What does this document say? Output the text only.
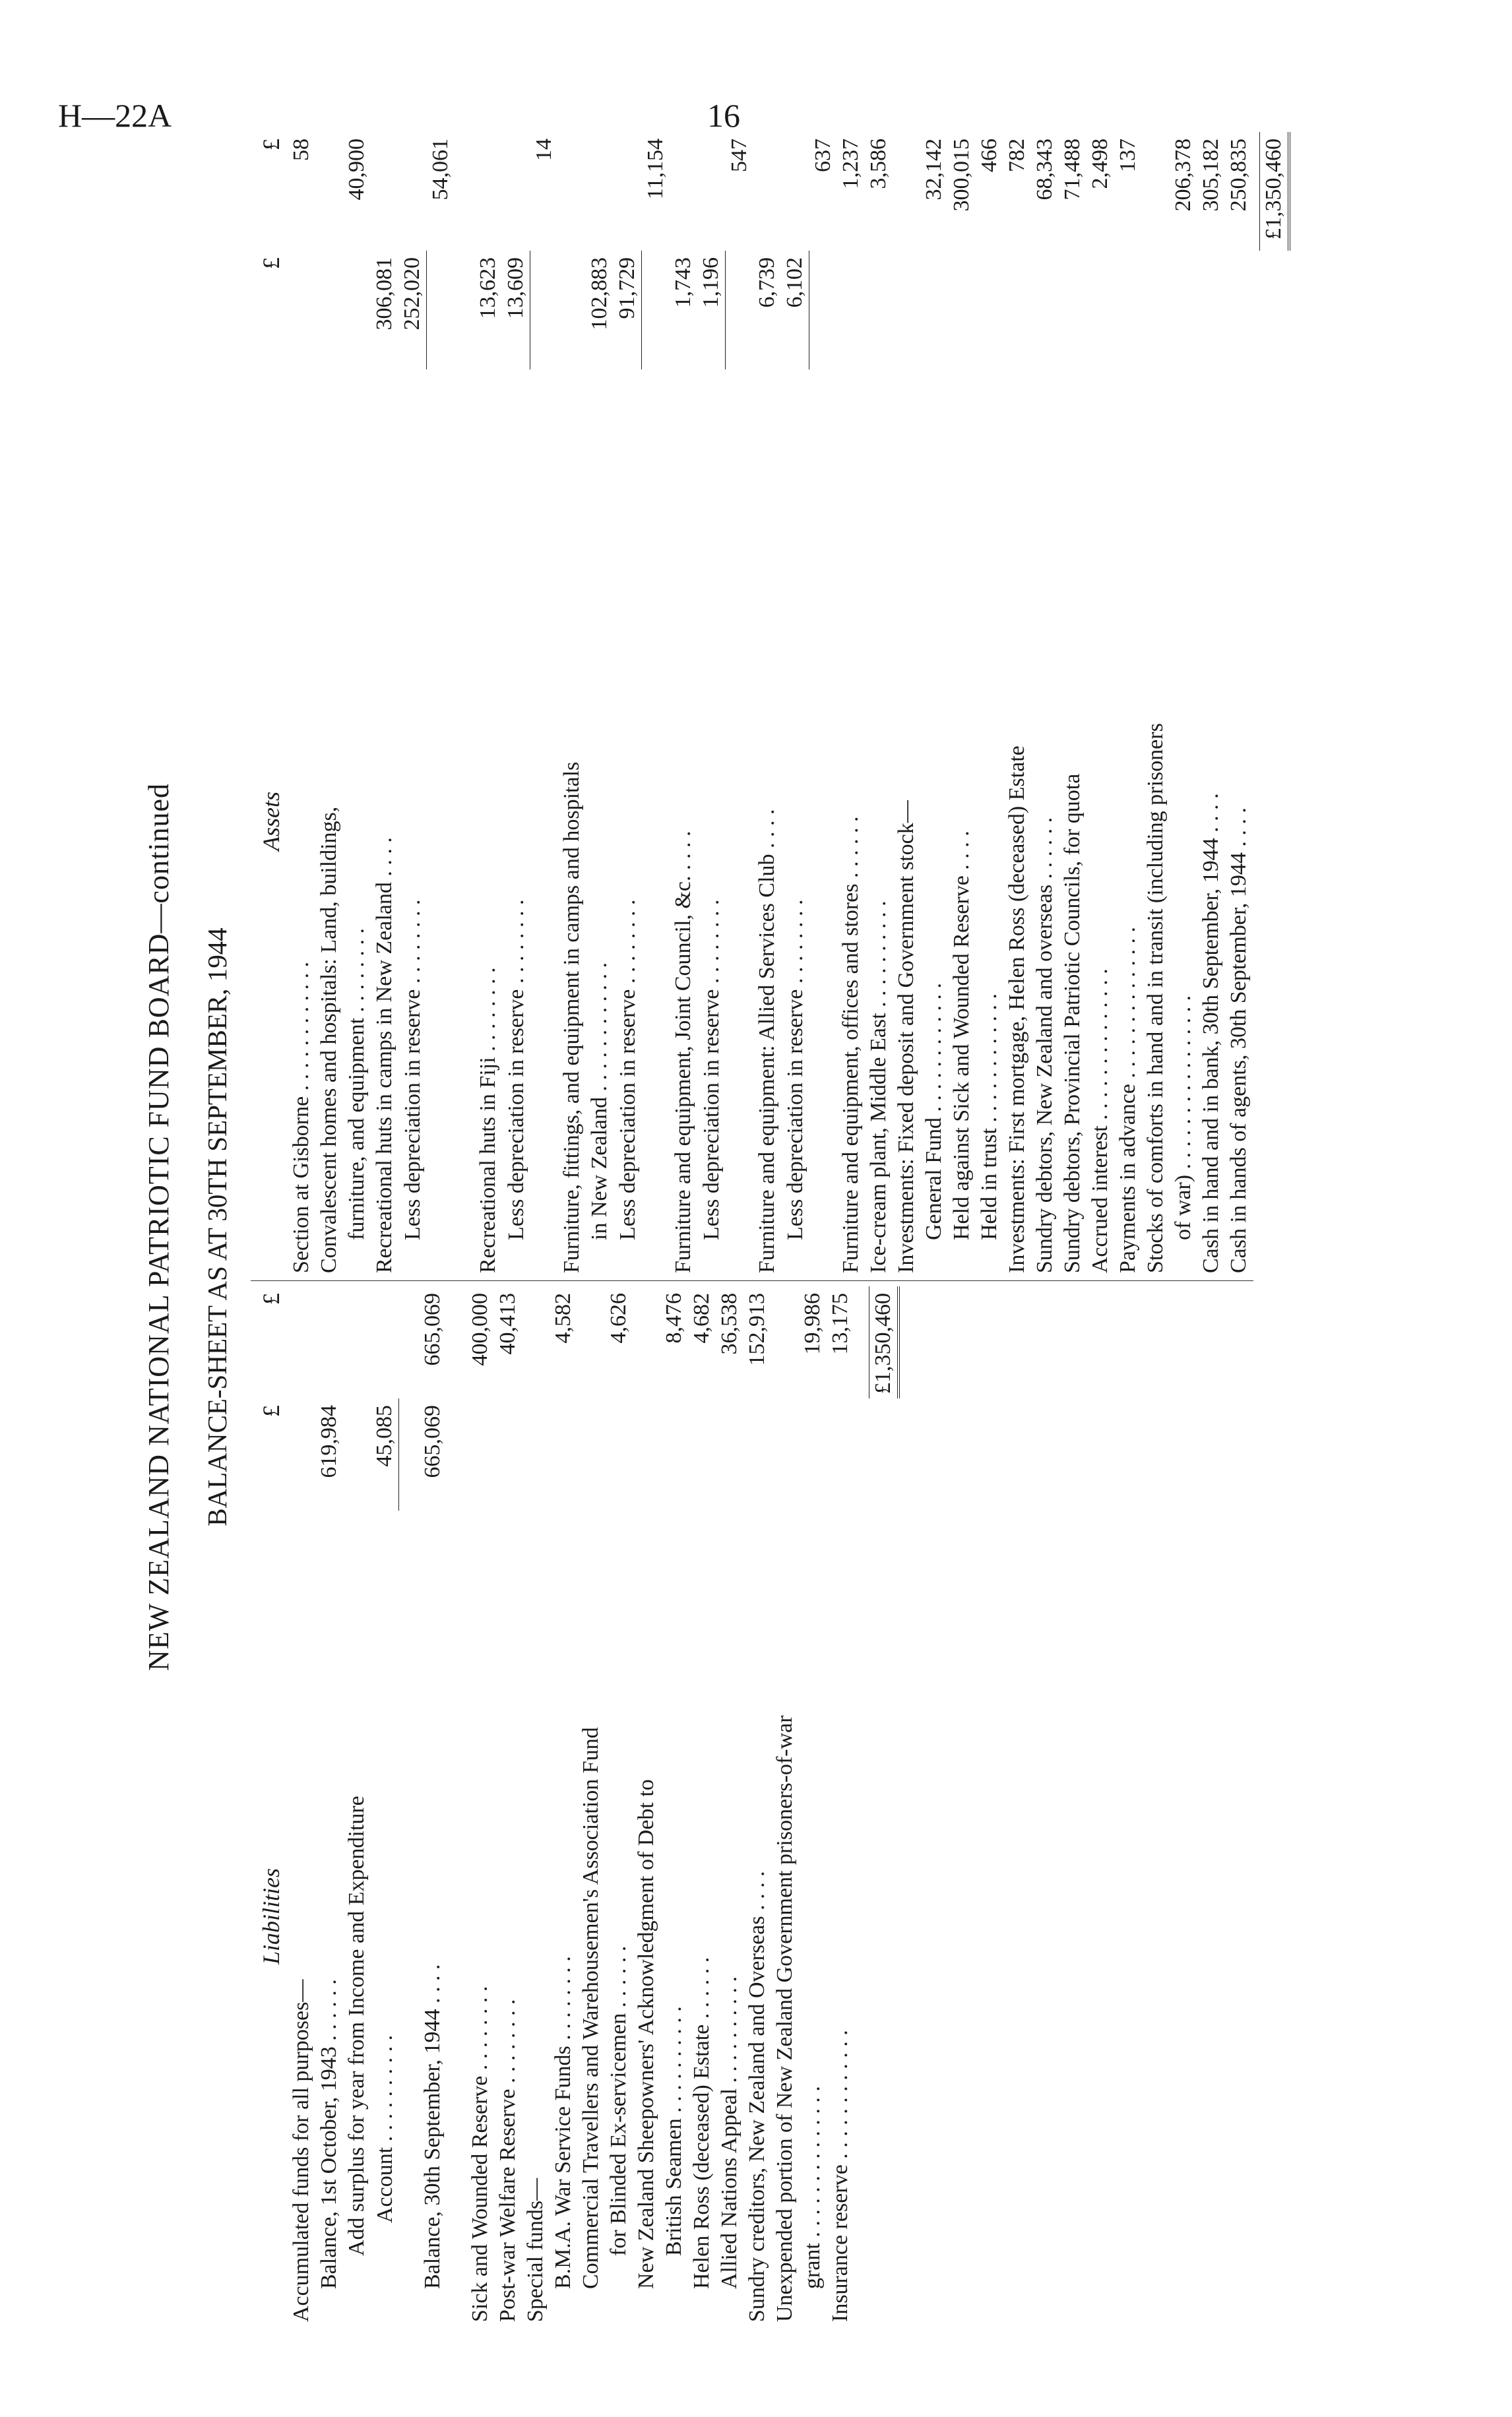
H—22A	16
NEW ZEALAND NATIONAL PATRIOTIC FUND BOARD—continued BALANCE-SHEET AS AT 30TH SEPTEMBER, 1944
Liabilities
£
£
Accumulated funds for all purposes— Balance, 1st October, 1943 . . . . . .
619,984
Add surplus for year from Income and Expenditure Account . . . . . . . . . .
45,085
Balance, 30th September, 1944 . . . .
665,069
665,069
Sick and Wounded Reserve . . . . . . . .
400,000
Post-war Welfare Reserve . . . . . . . .
40,413
Special funds— B.M.A. War Service Funds . . . . . . . .
4,582
Commercial Travellers and Warehousemen's Association Fund for Blinded Ex-servicemen . . . . . .
4,626
New Zealand Sheepowners' Acknowledgment of Debt to British Seamen . . . . . . . . . .
8,476
Helen Ross (deceased) Estate . . . . . .
4,682
Allied Nations Appeal . . . . . . . . . .
36,538
Sundry creditors, New Zealand and Overseas . . . .
152,913
Unexpended portion of New Zealand Government prisoners-of-war grant . . . . . . . . . . . . . .
19,986
Insurance reserve . . . . . . . . . . . .
13,175 £1,350,460
Assets
£
£
Section at Gisborne . . . . . . . . . . . .
58
Convalescent homes and hospitals: Land, buildings, furniture, and equipment . . . . . . . .
40,900
Recreational huts in camps in New Zealand . . . .
306,081
Less depreciation in reserve . . . . . . . .
252,020
54,061
Recreational huts in Fiji . . . . . . . .
13,623
Less depreciation in reserve . . . . . . . .
13,609
14
Furniture, fittings, and equipment in camps and hospitals in New Zealand . . . . . . . . . . . .
102,883
Less depreciation in reserve . . . . . . . .
91,729
11,154
Furniture and equipment, Joint Council, &c. . . . .
1,743
Less depreciation in reserve . . . . . . . .
1,196
547
Furniture and equipment: Allied Services Club . . . .
6,739
Less depreciation in reserve . . . . . . . .
6,102
637
Furniture and equipment, offices and stores . . . . . .
1,237
Ice-cream plant, Middle East . . . . . . . . . .
3,586
Investments: Fixed deposit and Government stock— General Fund . . . . . . . . . . . .
32,142
Held against Sick and Wounded Reserve . . . .
300,015
Held in trust . . . . . . . . . . . .
466
Investments: First mortgage, Helen Ross (deceased) Estate
782
Sundry debtors, New Zealand and overseas . . . . . .
68,343
Sundry debtors, Provincial Patriotic Councils, for quota
71,488
Accrued interest . . . . . . . . . . . . . .
2,498
Payments in advance . . . . . . . . . . . . . .
137
Stocks of comforts in hand and in transit (including prisoners of war) . . . . . . . . . . . . . . . .
206,378
Cash in hand and in bank, 30th September, 1944 . . . .
305,182
Cash in hands of agents, 30th September, 1944 . . . .
250,835 £1,350,460
